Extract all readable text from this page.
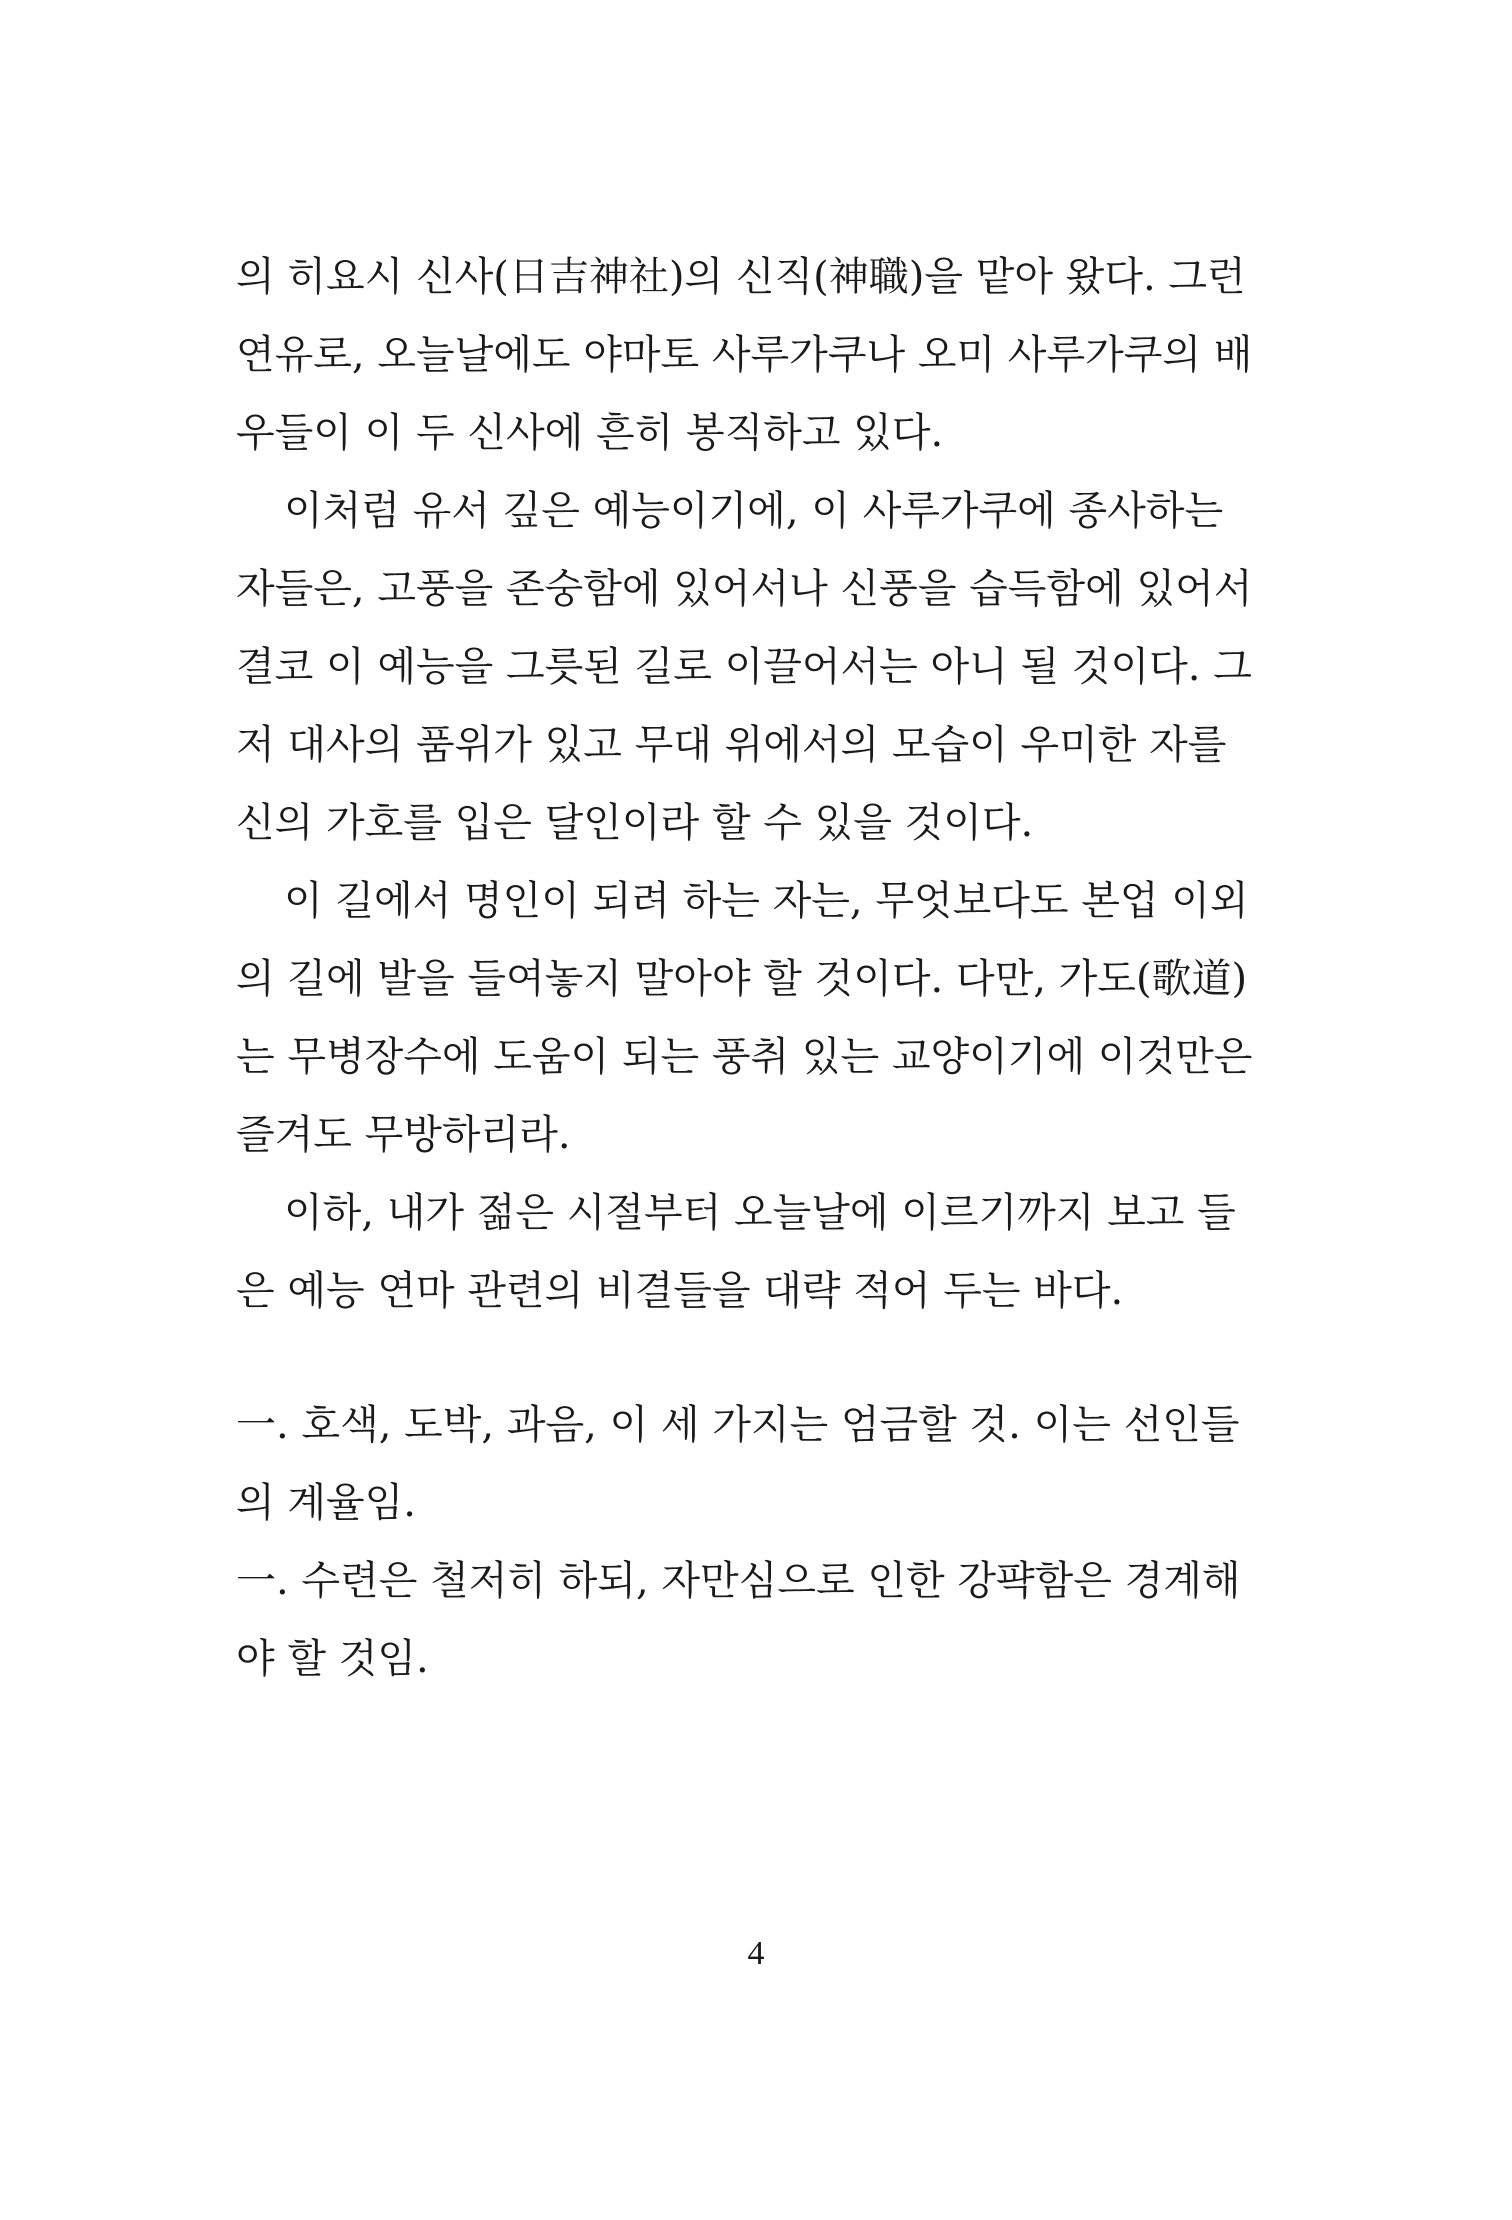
의 히요시 신사(日吉神社)의 신직(神職)을 맡아 왔다. 그런
연유로, 오늘날에도 야마토 사루가쿠나 오미 사루가쿠의 배
우들이 이 두 신사에 흔히 봉직하고 있다.
이처럼 유서 깊은 예능이기에, 이 사루가쿠에 종사하는
자들은, 고풍을 존숭함에 있어서나 신풍을 습득함에 있어서
결코 이 예능을 그릇된 길로 이끌어서는 아니 될 것이다. 그
저 대사의 품위가 있고 무대 위에서의 모습이 우미한 자를
신의 가호를 입은 달인이라 할 수 있을 것이다.
이 길에서 명인이 되려 하는 자는, 무엇보다도 본업 이외
의 길에 발을 들여놓지 말아야 할 것이다. 다만, 가도(歌道)
는 무병장수에 도움이 되는 풍취 있는 교양이기에 이것만은
즐겨도 무방하리라.
이하, 내가 젊은 시절부터 오늘날에 이르기까지 보고 들
은 예능 연마 관련의 비결들을 대략 적어 두는 바다.
一. 호색, 도박, 과음, 이 세 가지는 엄금할 것. 이는 선인들
의 계율임.
一. 수련은 철저히 하되, 자만심으로 인한 강퍅함은 경계해
야 할 것임.
4
